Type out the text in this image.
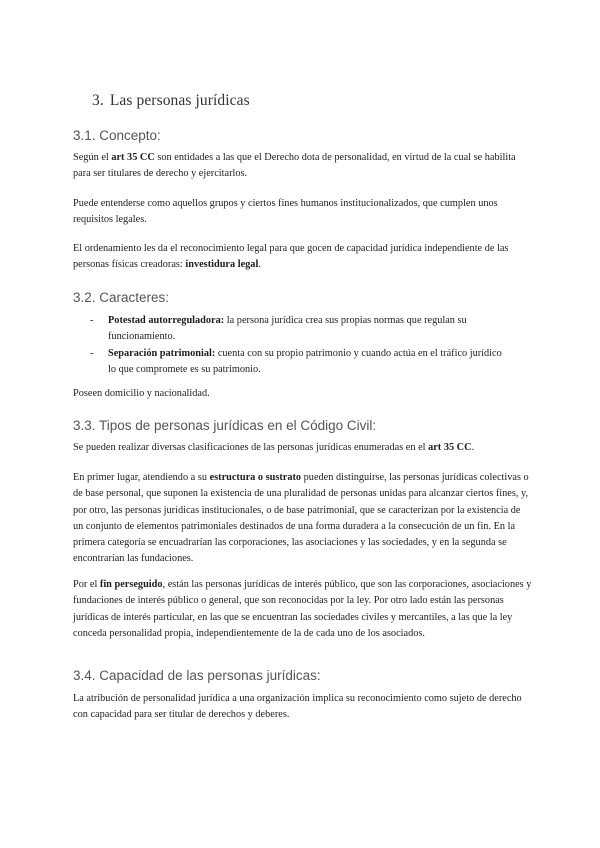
3. Las personas jurídicas
3.1. Concepto:

Según el art 35 CC son entidades a las que el Derecho dota de personalidad, en virtud de la cual se habilita para ser titulares de derecho y ejercitarlos.

Puede entenderse como aquellos grupos y ciertos fines humanos institucionalizados, que cumplen unos requisitos legales.

El ordenamiento les da el reconocimiento legal para que gocen de capacidad jurídica independiente de las personas físicas creadoras: investidura legal.

3.2. Caracteres:
- Potestad autorreguladora: la persona jurídica crea sus propias normas que regulan su funcionamiento.
- Separación patrimonial: cuenta con su propio patrimonio y cuando actúa en el tráfico jurídico lo que compromete es su patrimonio.

Poseen domicilio y nacionalidad.

3.3. Tipos de personas jurídicas en el Código Civil:

Se pueden realizar diversas clasificaciones de las personas jurídicas enumeradas en el art 35 CC.

En primer lugar, atendiendo a su estructura o sustrato pueden distinguirse, las personas jurídicas colectivas o de base personal, que suponen la existencia de una pluralidad de personas unidas para alcanzar ciertos fines, y, por otro, las personas jurídicas institucionales, o de base patrimonial, que se caracterizan por la existencia de un conjunto de elementos patrimoniales destinados de una forma duradera a la consecución de un fin. En la primera categoría se encuadrarían las corporaciones, las asociaciones y las sociedades, y en la segunda se encontrarían las fundaciones.

Por el fin perseguido, están las personas jurídicas de interés público, que son las corporaciones, asociaciones y fundaciones de interés público o general, que son reconocidas por la ley. Por otro lado están las personas jurídicas de interés particular, en las que se encuentran las sociedades civiles y mercantiles, a las que la ley conceda personalidad propia, independientemente de la de cada uno de los asociados.

3.4. Capacidad de las personas jurídicas:

La atribución de personalidad jurídica a una organización implica su reconocimiento como sujeto de derecho con capacidad para ser titular de derechos y deberes.
